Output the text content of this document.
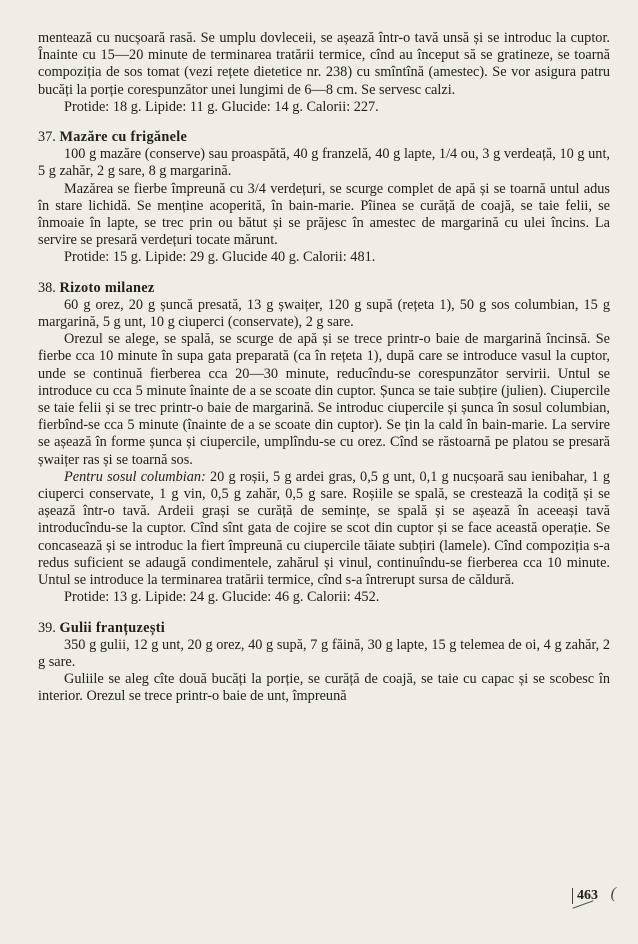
mentează cu nucșoară rasă. Se umplu dovleceii, se așează într-o tavă unsă și se introduc la cuptor. Înainte cu 15—20 minute de terminarea tratării termice, cînd au început să se gratineze, se toarnă compoziția de sos tomat (vezi rețete dietetice nr. 238) cu smîntînă (amestec). Se vor asigura patru bucăți la porție corespunzător unei lungimi de 6—8 cm. Se servesc calzi.

Protide: 18 g. Lipide: 11 g. Glucide: 14 g. Calorii: 227.

37. Mazăre cu frigănele

100 g mazăre (conserve) sau proaspătă, 40 g franzelă, 40 g lapte, 1/4 ou, 3 g verdeață, 10 g unt, 5 g zahăr, 2 g sare, 8 g margarină.

Mazărea se fierbe împreună cu 3/4 verdețuri, se scurge complet de apă și se toarnă untul adus în stare lichidă. Se menține acoperită, în bain-marie. Pîinea se curăță de coajă, se taie felii, se înmoaie în lapte, se trec prin ou bătut și se prăjesc în amestec de margarină cu ulei încins. La servire se presară verdețuri tocate mărunt.

Protide: 15 g. Lipide: 29 g. Glucide 40 g. Calorii: 481.

38. Rizoto milanez

60 g orez, 20 g șuncă presată, 13 g șwaițer, 120 g supă (rețeta 1), 50 g sos columbian, 15 g margarină, 5 g unt, 10 g ciuperci (conservate), 2 g sare.

Orezul se alege, se spală, se scurge de apă și se trece printr-o baie de margarină încinsă. Se fierbe cca 10 minute în supa gata preparată (ca în rețeta 1), după care se introduce vasul la cuptor, unde se continuă fierberea cca 20—30 minute, reducîndu-se corespunzător servirii. Untul se introduce cu cca 5 minute înainte de a se scoate din cuptor. Șunca se taie subțire (julien). Ciupercile se taie felii și se trec printr-o baie de margarină. Se introduc ciupercile și șunca în sosul columbian, fierbînd-se cca 5 minute (înainte de a se scoate din cuptor). Se țin la cald în bain-marie. La servire se așează în forme șunca și ciupercile, umplîndu-se cu orez. Cînd se răstoarnă pe platou se presară șwaițer ras și se toarnă sos.

Pentru sosul columbian: 20 g roșii, 5 g ardei gras, 0,5 g unt, 0,1 g nucșoară sau ienibahar, 1 g ciuperci conservate, 1 g vin, 0,5 g zahăr, 0,5 g sare. Roșiile se spală, se crestează la codiță și se așează într-o tavă. Ardeii grași se curăță de semințe, se spală și se așează în aceeași tavă introducîndu-se la cuptor. Cînd sînt gata de cojire se scot din cuptor și se face această operație. Se concasează și se introduc la fiert împreună cu ciupercile tăiate subțiri (lamele). Cînd compoziția s-a redus suficient se adaugă condimentele, zahărul și vinul, continuîndu-se fierberea cca 10 minute. Untul se introduce la terminarea tratării termice, cînd s-a întrerupt sursa de căldură.

Protide: 13 g. Lipide: 24 g. Glucide: 46 g. Calorii: 452.

39. Gulii franțuzești

350 g gulii, 12 g unt, 20 g orez, 40 g supă, 7 g făină, 30 g lapte, 15 g telemea de oi, 4 g zahăr, 2 g sare.

Guliile se aleg cîte două bucăți la porție, se curăță de coajă, se taie cu capac și se scobesc în interior. Orezul se trece printr-o baie de unt, împreună

463 (
